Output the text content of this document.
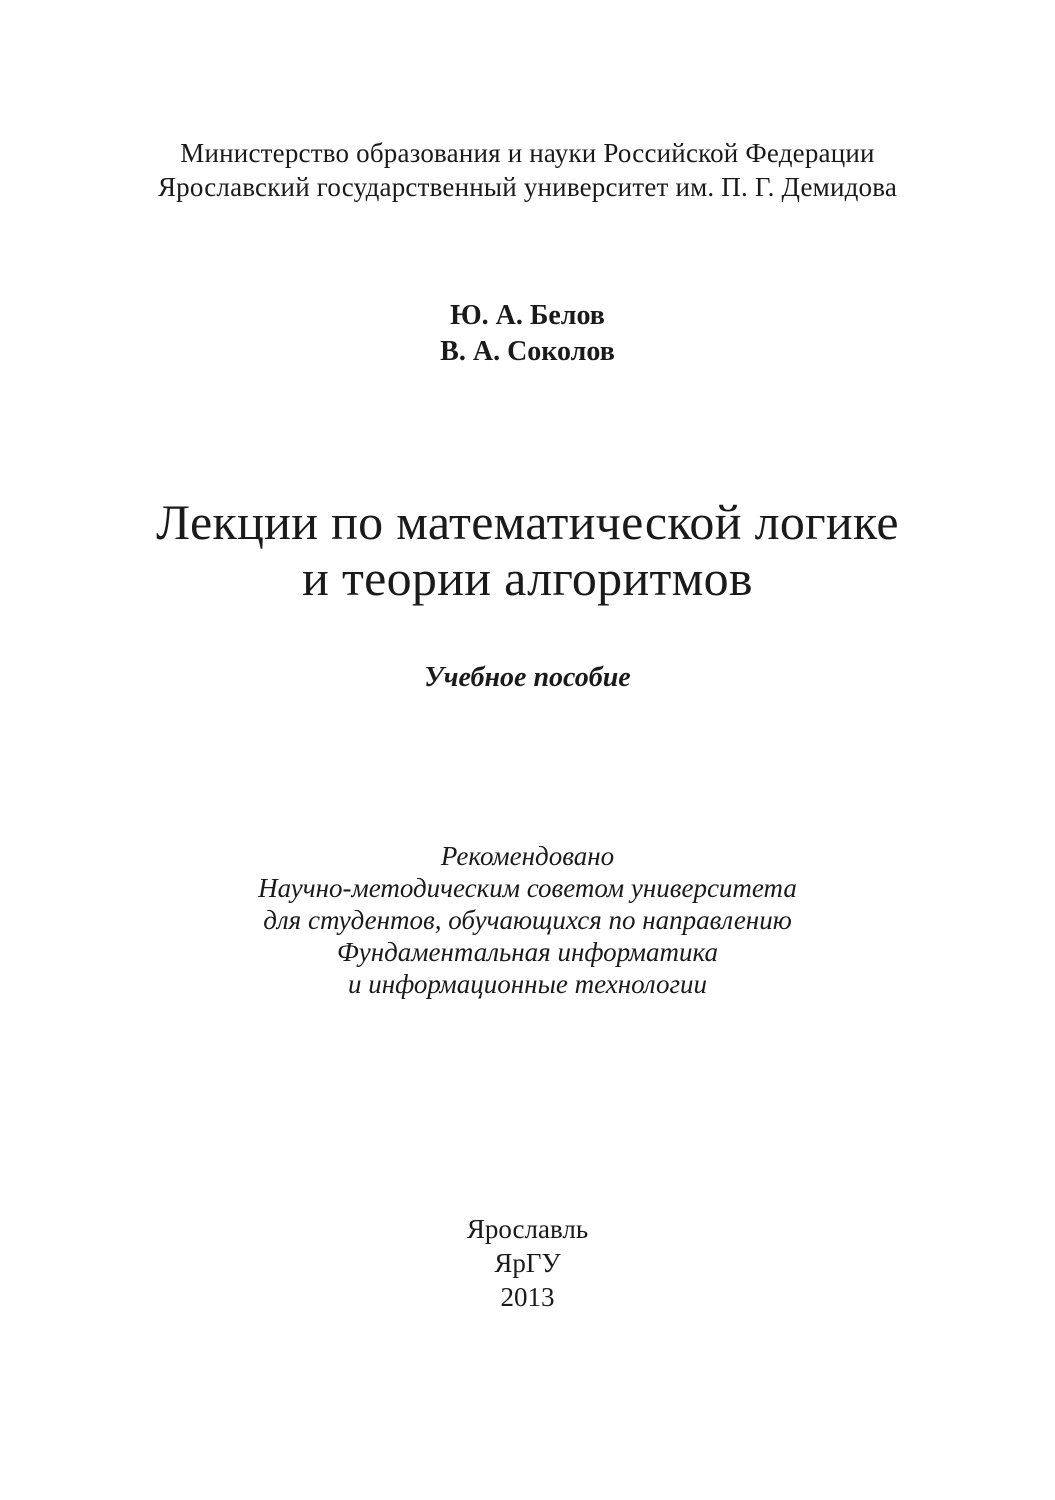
Министерство образования и науки Российской Федерации
Ярославский государственный университет им. П. Г. Демидова
Ю. А. Белов
В. А. Соколов
Лекции по математической логике
и теории алгоритмов
Учебное пособие
Рекомендовано
Научно-методическим советом университета
для студентов, обучающихся по направлению
Фундаментальная информатика
и информационные технологии
Ярославль
ЯрГУ
2013
